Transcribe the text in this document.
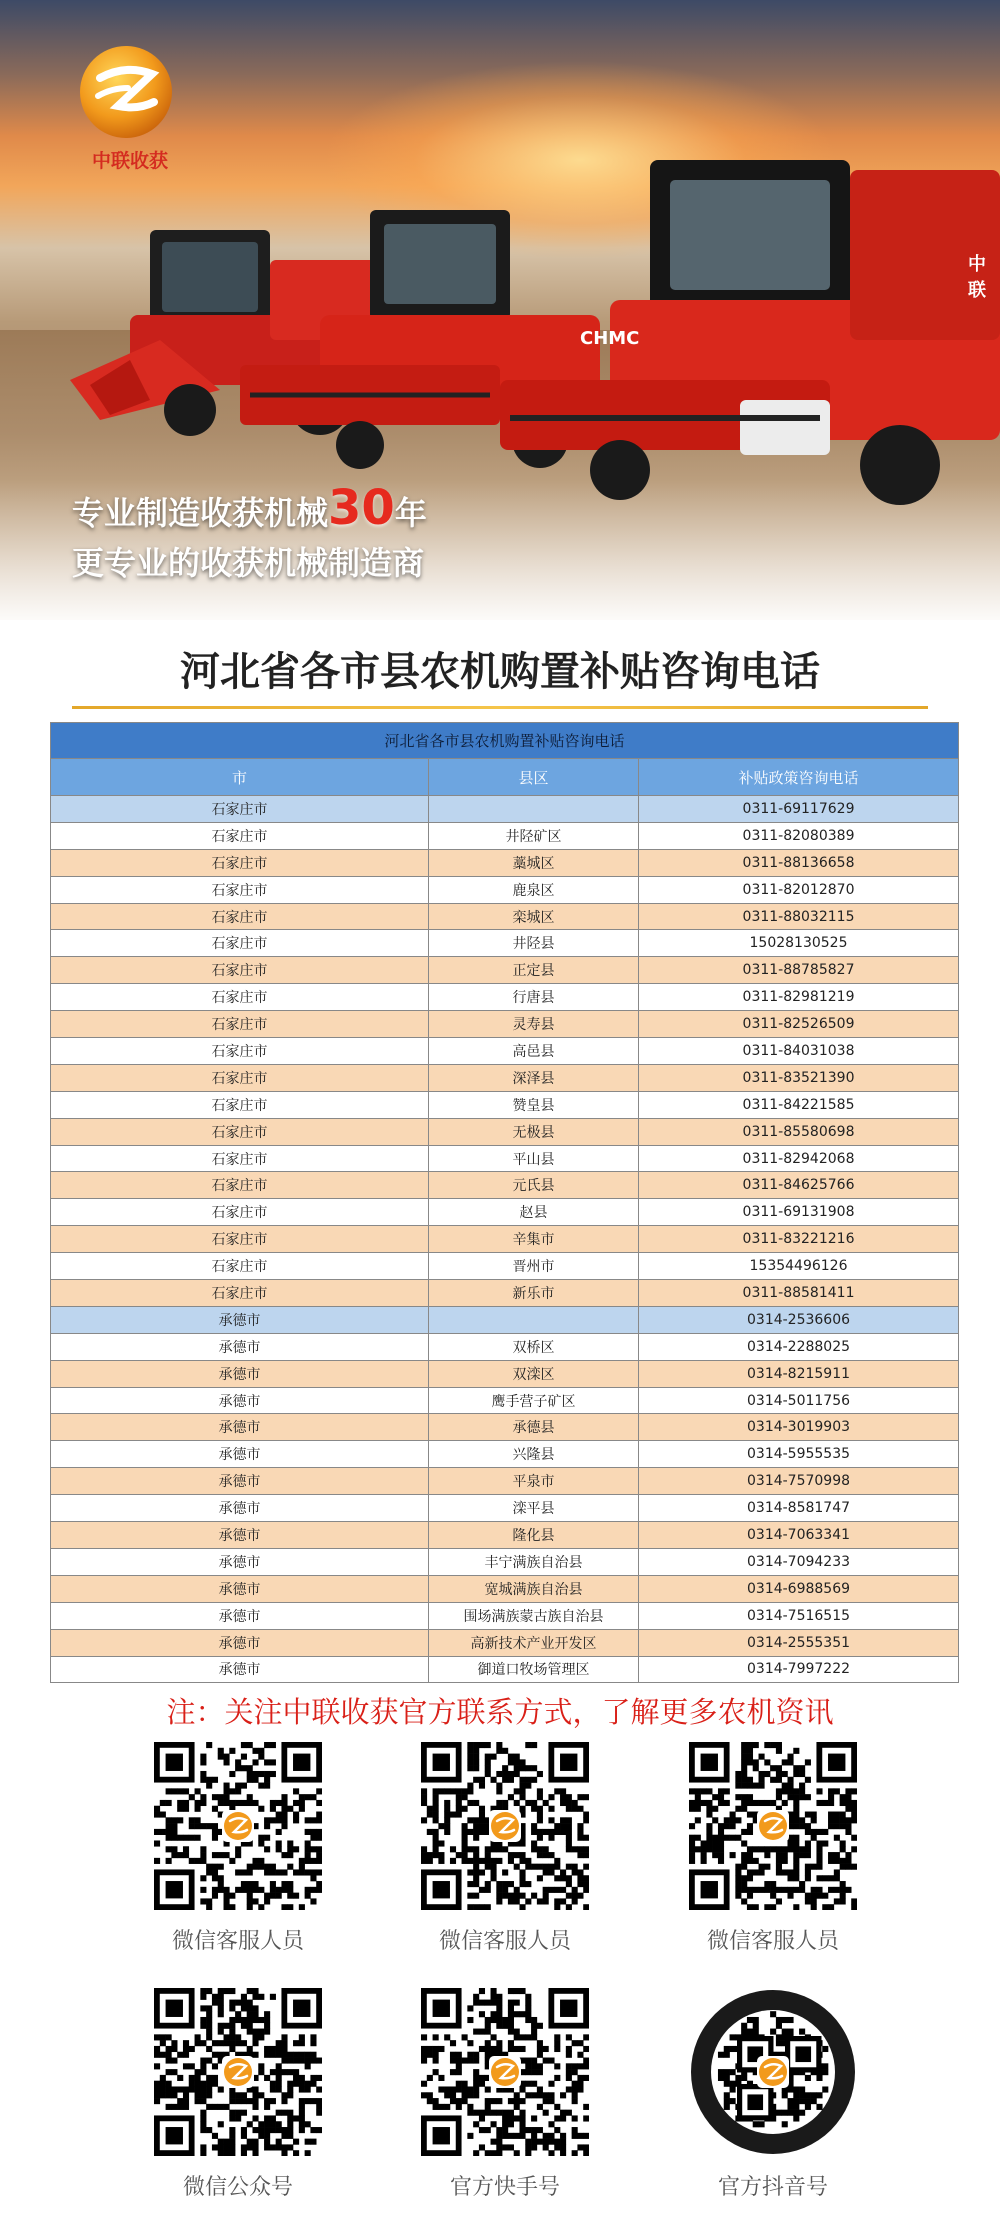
中联收获
CHMC
中联
专业制造收获机械30年
更专业的收获机械制造商
河北省各市县农机购置补贴咨询电话
河北省各市县农机购置补贴咨询电话		
市	县区	补贴政策咨询电话
石家庄市		0311-69117629
石家庄市	井陉矿区	0311-82080389
石家庄市	藁城区	0311-88136658
石家庄市	鹿泉区	0311-82012870
石家庄市	栾城区	0311-88032115
石家庄市	井陉县	15028130525
石家庄市	正定县	0311-88785827
石家庄市	行唐县	0311-82981219
石家庄市	灵寿县	0311-82526509
石家庄市	高邑县	0311-84031038
石家庄市	深泽县	0311-83521390
石家庄市	赞皇县	0311-84221585
石家庄市	无极县	0311-85580698
石家庄市	平山县	0311-82942068
石家庄市	元氏县	0311-84625766
石家庄市	赵县	0311-69131908
石家庄市	辛集市	0311-83221216
石家庄市	晋州市	15354496126
石家庄市	新乐市	0311-88581411
承德市		0314-2536606
承德市	双桥区	0314-2288025
承德市	双滦区	0314-8215911
承德市	鹰手营子矿区	0314-5011756
承德市	承德县	0314-3019903
承德市	兴隆县	0314-5955535
承德市	平泉市	0314-7570998
承德市	滦平县	0314-8581747
承德市	隆化县	0314-7063341
承德市	丰宁满族自治县	0314-7094233
承德市	宽城满族自治县	0314-6988569
承德市	围场满族蒙古族自治县	0314-7516515
承德市	高新技术产业开发区	0314-2555351
承德市	御道口牧场管理区	0314-7997222
注：关注中联收获官方联系方式，了解更多农机资讯
微信客服人员	微信客服人员	微信客服人员
微信公众号	官方快手号	官方抖音号
